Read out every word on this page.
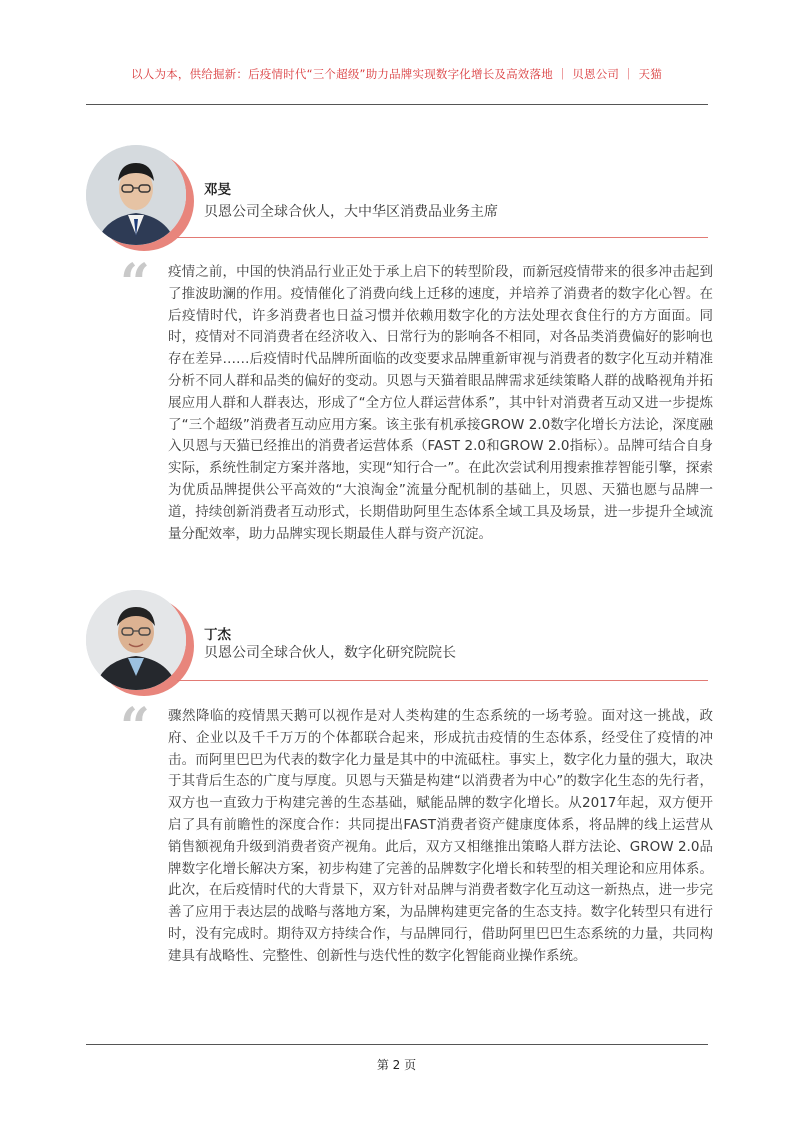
以人为本，供给掘新：后疫情时代“三个超级”助力品牌实现数字化增长及高效落地 ｜ 贝恩公司 ｜ 天猫
邓旻
贝恩公司全球合伙人，大中华区消费品业务主席
“ 疫情之前，中国的快消品行业正处于承上启下的转型阶段，而新冠疫情带来的很多冲击起到了推波助澜的作用。疫情催化了消费向线上迁移的速度，并培养了消费者的数字化心智。在后疫情时代，许多消费者也日益习惯并依赖用数字化的方法处理衣食住行的方方面面。同时，疫情对不同消费者在经济收入、日常行为的影响各不相同，对各品类消费偏好的影响也存在差异……后疫情时代品牌所面临的改变要求品牌重新审视与消费者的数字化互动并精准分析不同人群和品类的偏好的变动。贝恩与天猫着眼品牌需求延续策略人群的战略视角并拓展应用人群和人群表达，形成了“全方位人群运营体系”，其中针对消费者互动又进一步提炼了“三个超级”消费者互动应用方案。该主张有机承接GROW 2.0数字化增长方法论，深度融入贝恩与天猫已经推出的消费者运营体系（FAST 2.0和GROW 2.0指标）。品牌可结合自身实际，系统性制定方案并落地，实现“知行合一”。在此次尝试利用搜索推荐智能引擎，探索为优质品牌提供公平高效的“大浪淘金”流量分配机制的基础上，贝恩、天猫也愿与品牌一道，持续创新消费者互动形式，长期借助阿里生态体系全域工具及场景，进一步提升全域流量分配效率，助力品牌实现长期最佳人群与资产沉淀。
丁杰
贝恩公司全球合伙人，数字化研究院院长
“ 骤然降临的疫情黑天鹅可以视作是对人类构建的生态系统的一场考验。面对这一挑战，政府、企业以及千千万万的个体都联合起来，形成抗击疫情的生态体系，经受住了疫情的冲击。而阿里巴巴为代表的数字化力量是其中的中流砥柱。事实上，数字化力量的强大，取决于其背后生态的广度与厚度。贝恩与天猫是构建“以消费者为中心”的数字化生态的先行者，双方也一直致力于构建完善的生态基础，赋能品牌的数字化增长。从2017年起，双方便开启了具有前瞻性的深度合作：共同提出FAST消费者资产健康度体系，将品牌的线上运营从销售额视角升级到消费者资产视角。此后，双方又相继推出策略人群方法论、GROW 2.0品牌数字化增长解决方案，初步构建了完善的品牌数字化增长和转型的相关理论和应用体系。此次，在后疫情时代的大背景下，双方针对品牌与消费者数字化互动这一新热点，进一步完善了应用于表达层的战略与落地方案，为品牌构建更完备的生态支持。数字化转型只有进行时，没有完成时。期待双方持续合作，与品牌同行，借助阿里巴巴生态系统的力量，共同构建具有战略性、完整性、创新性与迭代性的数字化智能商业操作系统。
第 2 页
